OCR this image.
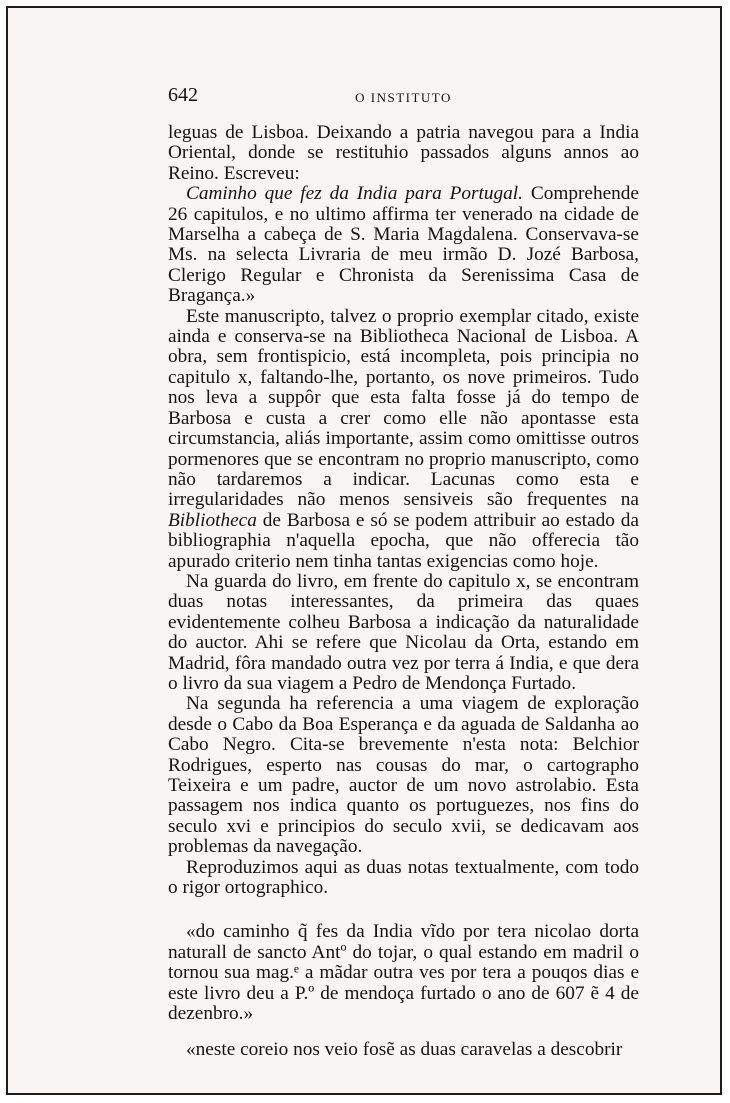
642	O INSTITUTO

leguas de Lisboa. Deixando a patria navegou para a India Oriental, donde se restituhio passados alguns annos ao Reino. Escreveu:

Caminho que fez da India para Portugal. Comprehende 26 capitulos, e no ultimo affirma ter venerado na cidade de Marselha a cabeça de S. Maria Magdalena. Conservava-se Ms. na selecta Livraria de meu irmão D. Jozé Barbosa, Clerigo Regular e Chronista da Serenissima Casa de Bragança.»

Este manuscripto, talvez o proprio exemplar citado, existe ainda e conserva-se na Bibliotheca Nacional de Lisboa. A obra, sem frontispicio, está incompleta, pois principia no capitulo x, faltando-lhe, portanto, os nove primeiros. Tudo nos leva a suppôr que esta falta fosse já do tempo de Barbosa e custa a crer como elle não apontasse esta circumstancia, aliás importante, assim como omittisse outros pormenores que se encontram no proprio manuscripto, como não tardaremos a indicar. Lacunas como esta e irregularidades não menos sensiveis são frequentes na Bibliotheca de Barbosa e só se podem attribuir ao estado da bibliographia n'aquella epocha, que não offerecia tão apurado criterio nem tinha tantas exigencias como hoje.

Na guarda do livro, em frente do capitulo x, se encontram duas notas interessantes, da primeira das quaes evidentemente colheu Barbosa a indicação da naturalidade do auctor. Ahi se refere que Nicolau da Orta, estando em Madrid, fôra mandado outra vez por terra á India, e que dera o livro da sua viagem a Pedro de Mendonça Furtado.

Na segunda ha referencia a uma viagem de exploração desde o Cabo da Boa Esperança e da aguada de Saldanha ao Cabo Negro. Cita-se brevemente n'esta nota: Belchior Rodrigues, esperto nas cousas do mar, o cartographo Teixeira e um padre, auctor de um novo astrolabio. Esta passagem nos indica quanto os portuguezes, nos fins do seculo xvi e principios do seculo xvii, se dedicavam aos problemas da navegação.

Reproduzimos aqui as duas notas textualmente, com todo o rigor ortographico.

«do caminho q̃ fes da India vĩdo por tera nicolao dorta naturall de sancto Antº do tojar, o qual estando em madril o tornou sua mag.ᵉ a mãdar outra ves por tera a pouqos dias e este livro deu a P.º de mendoça furtado o ano de 607 ẽ 4 de dezenbro.»

«neste coreio nos veio fosẽ as duas caravelas a descobrir
